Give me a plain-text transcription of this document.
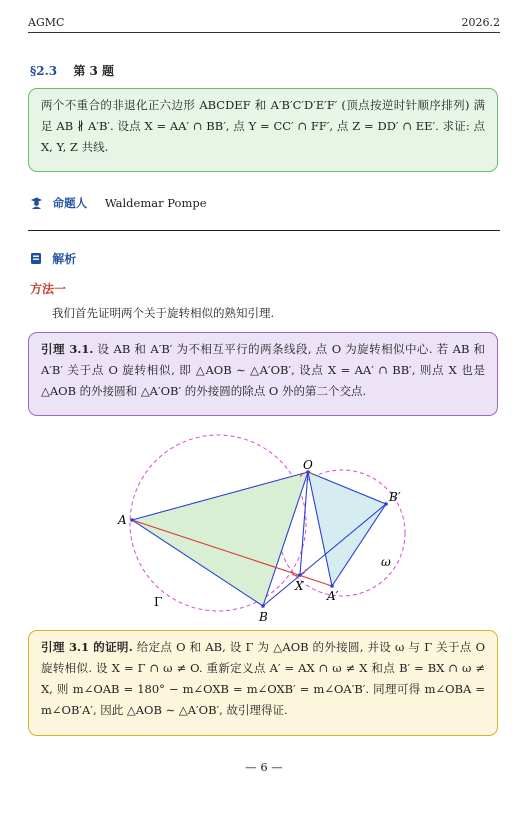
AGMC	2026.2
§2.3 第 3 题
两个不重合的非退化正六边形 ABCDEF 和 A′B′C′D′E′F′ (顶点按逆时针顺序排列) 满足 AB ∦ A′B′. 设点 X = AA′ ∩ BB′, 点 Y = CC′ ∩ FF′, 点 Z = DD′ ∩ EE′. 求证: 点 X, Y, Z 共线.
命题人 Waldemar Pompe
解析
方法一
我们首先证明两个关于旋转相似的熟知引理.
引理 3.1. 设 AB 和 A′B′ 为不相互平行的两条线段, 点 O 为旋转相似中心. 若 AB 和 A′B′ 关于点 O 旋转相似, 即 △AOB ∼ △A′OB′, 设点 X = AA′ ∩ BB′, 则点 X 也是 △AOB 的外接圆和 △A′OB′ 的外接圆的除点 O 外的第二个交点.
A
O
B
B′
A′
X
ω
Γ
引理 3.1 的证明. 给定点 O 和 AB, 设 Γ 为 △AOB 的外接圆, 并设 ω 与 Γ 关于点 O 旋转相似. 设 X = Γ ∩ ω ≠ O. 重新定义点 A′ = AX ∩ ω ≠ X 和点 B′ = BX ∩ ω ≠ X, 则 m∠OAB = 180° − m∠OXB = m∠OXB′ = m∠OA′B′. 同理可得 m∠OBA = m∠OB′A′, 因此 △AOB ∼ △A′OB′, 故引理得证.
— 6 —
